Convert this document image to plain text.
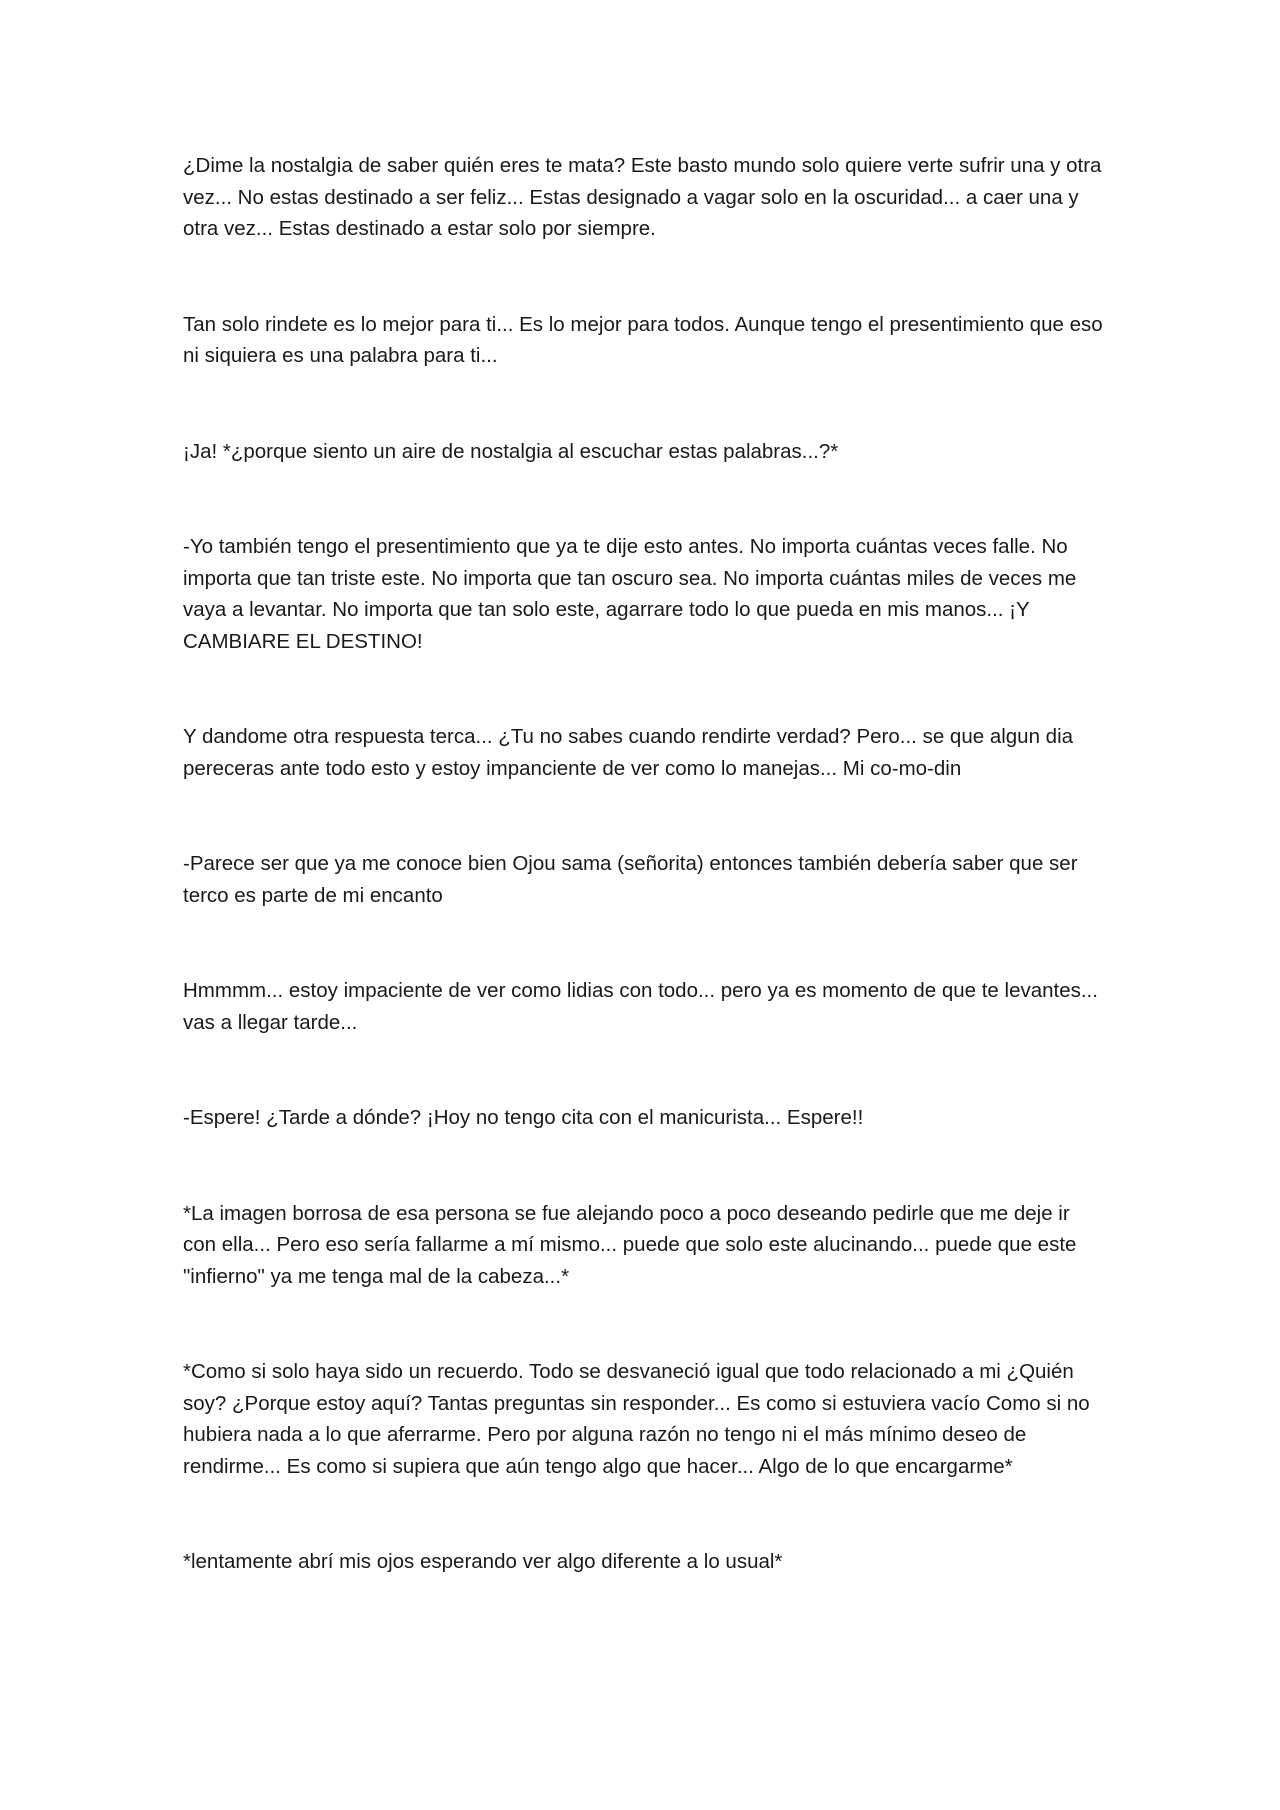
¿Dime la nostalgia de saber quién eres te mata? Este basto mundo solo quiere verte sufrir una y otra vez... No estas destinado a ser feliz... Estas designado a vagar solo en la oscuridad... a caer una y otra vez... Estas destinado a estar solo por siempre.

Tan solo rindete es lo mejor para ti... Es lo mejor para todos. Aunque tengo el presentimiento que eso ni siquiera es una palabra para ti...

¡Ja! *¿porque siento un aire de nostalgia al escuchar estas palabras...?*

-Yo también tengo el presentimiento que ya te dije esto antes. No importa cuántas veces falle. No importa que tan triste este. No importa que tan oscuro sea. No importa cuántas miles de veces me vaya a levantar. No importa que tan solo este, agarrare todo lo que pueda en mis manos... ¡Y CAMBIARE EL DESTINO!

Y dandome otra respuesta terca... ¿Tu no sabes cuando rendirte verdad? Pero... se que algun dia pereceras ante todo esto y estoy impanciente de ver como lo manejas... Mi co-mo-din

-Parece ser que ya me conoce bien Ojou sama (señorita) entonces también debería saber que ser terco es parte de mi encanto

Hmmmm... estoy impaciente de ver como lidias con todo... pero ya es momento de que te levantes... vas a llegar tarde...

-Espere! ¿Tarde a dónde? ¡Hoy no tengo cita con el manicurista... Espere!!

*La imagen borrosa de esa persona se fue alejando poco a poco deseando pedirle que me deje ir con ella... Pero eso sería fallarme a mí mismo... puede que solo este alucinando... puede que este "infierno" ya me tenga mal de la cabeza...*

*Como si solo haya sido un recuerdo. Todo se desvaneció igual que todo relacionado a mi ¿Quién soy? ¿Porque estoy aquí? Tantas preguntas sin responder... Es como si estuviera vacío Como si no hubiera nada a lo que aferrarme. Pero por alguna razón no tengo ni el más mínimo deseo de rendirme... Es como si supiera que aún tengo algo que hacer... Algo de lo que encargarme*

*lentamente abrí mis ojos esperando ver algo diferente a lo usual*
